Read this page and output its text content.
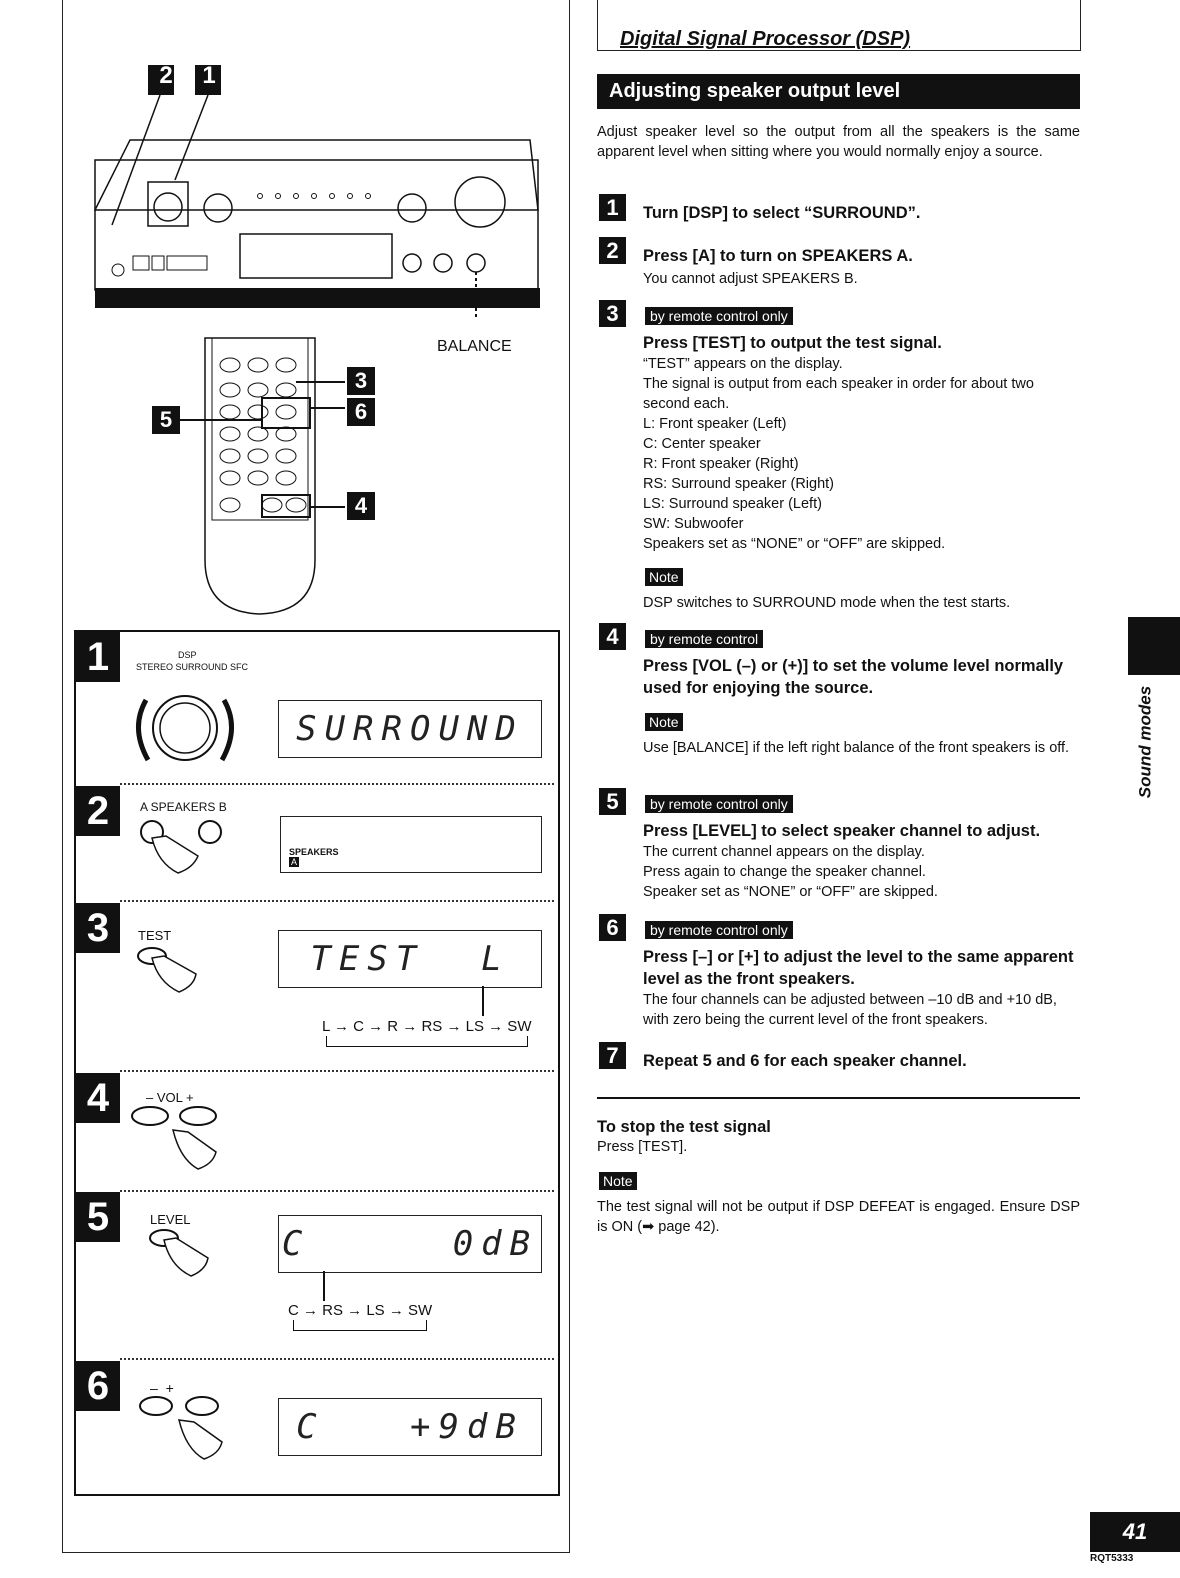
2 1
BALANCE
3
6
5
4
1	DSP
STEREO SURROUND SFC
SURROUND
2	A SPEAKERS B
SPEAKERS
A
3	TEST
TEST  L
L → C → R → RS → LS → SW
4	– VOL +
5	LEVEL
C     0dB
C → RS → LS → SW
6	–  +
C   +9dB
Digital Signal Processor (DSP)
Adjusting speaker output level
Adjust speaker level so the output from all the speakers is the same apparent level when sitting where you would normally enjoy a source.
1	Turn [DSP] to select “SURROUND”.
2	Press [A] to turn on SPEAKERS A.
You cannot adjust SPEAKERS B.
3	by remote control only
Press [TEST] to output the test signal.
“TEST” appears on the display.
The signal is output from each speaker in order for about two second each.
L: Front speaker (Left)
C: Center speaker
R: Front speaker (Right)
RS: Surround speaker (Right)
LS: Surround speaker (Left)
SW: Subwoofer
Speakers set as “NONE” or “OFF” are skipped.
Note
DSP switches to SURROUND mode when the test starts.
4	by remote control
Press [VOL (–) or (+)] to set the volume level normally used for enjoying the source.
Note
Use [BALANCE] if the left right balance of the front speakers is off.
5	by remote control only
Press [LEVEL] to select speaker channel to adjust.
The current channel appears on the display.
Press again to change the speaker channel.
Speaker set as “NONE” or “OFF” are skipped.
6	by remote control only
Press [–] or [+] to adjust the level to the same apparent level as the front speakers.
The four channels can be adjusted between –10 dB and +10 dB, with zero being the current level of the front speakers.
7	Repeat 5 and 6 for each speaker channel.
To stop the test signal
Press [TEST].
Note
The test signal will not be output if DSP DEFEAT is engaged. Ensure DSP is ON (➡ page 42).
Sound modes
41
RQT5333
